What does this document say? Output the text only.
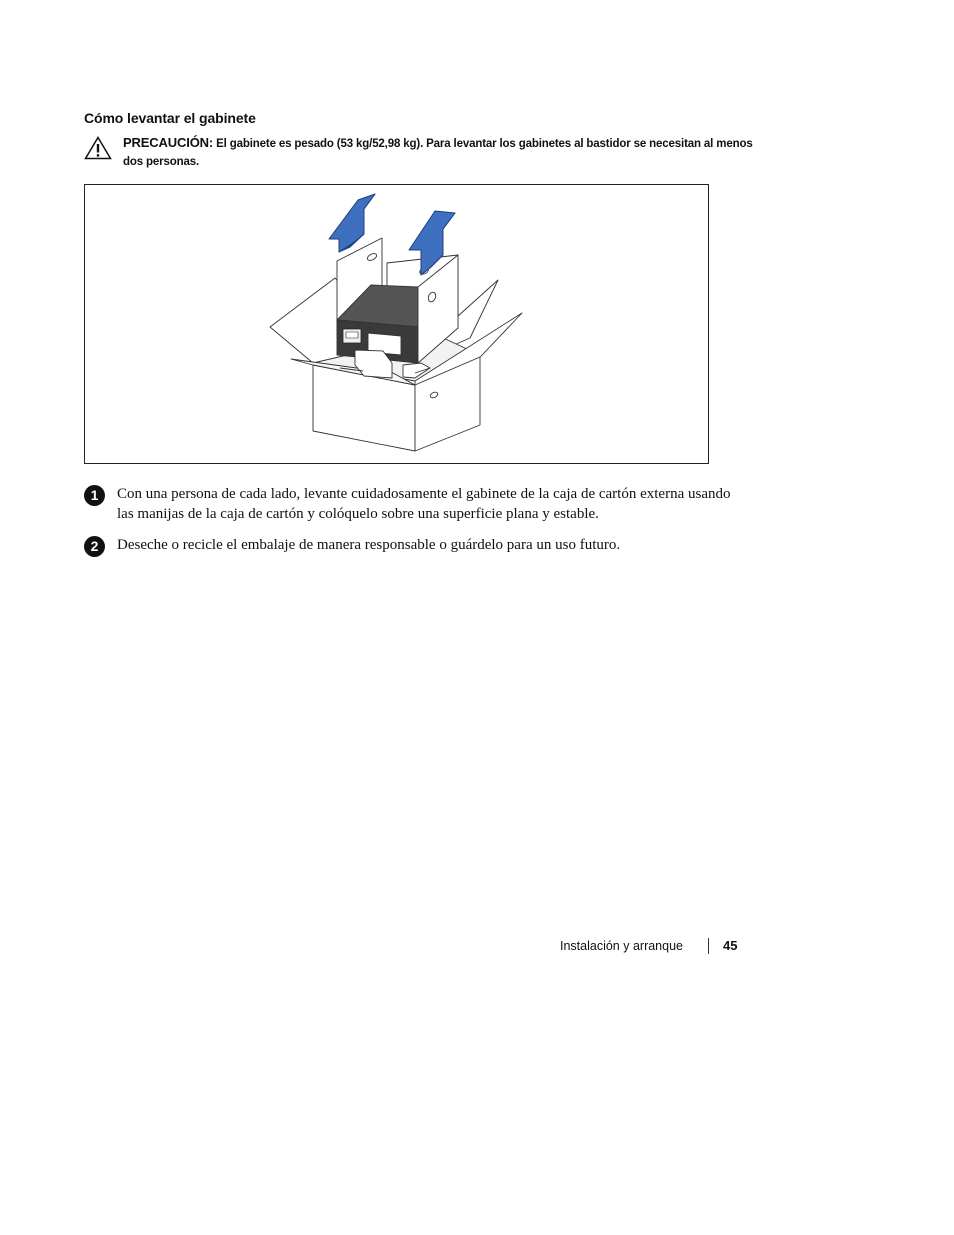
Cómo levantar el gabinete
PRECAUCIÓN: El gabinete es pesado (53 kg/52,98 kg). Para levantar los gabinetes al bastidor se necesitan al menos dos personas.
1	Con una persona de cada lado, levante cuidadosamente el gabinete de la caja de cartón externa usando las manijas de la caja de cartón y colóquelo sobre una superficie plana y estable.
2	Deseche o recicle el embalaje de manera responsable o guárdelo para un uso futuro.
Instalación y arranque	45
